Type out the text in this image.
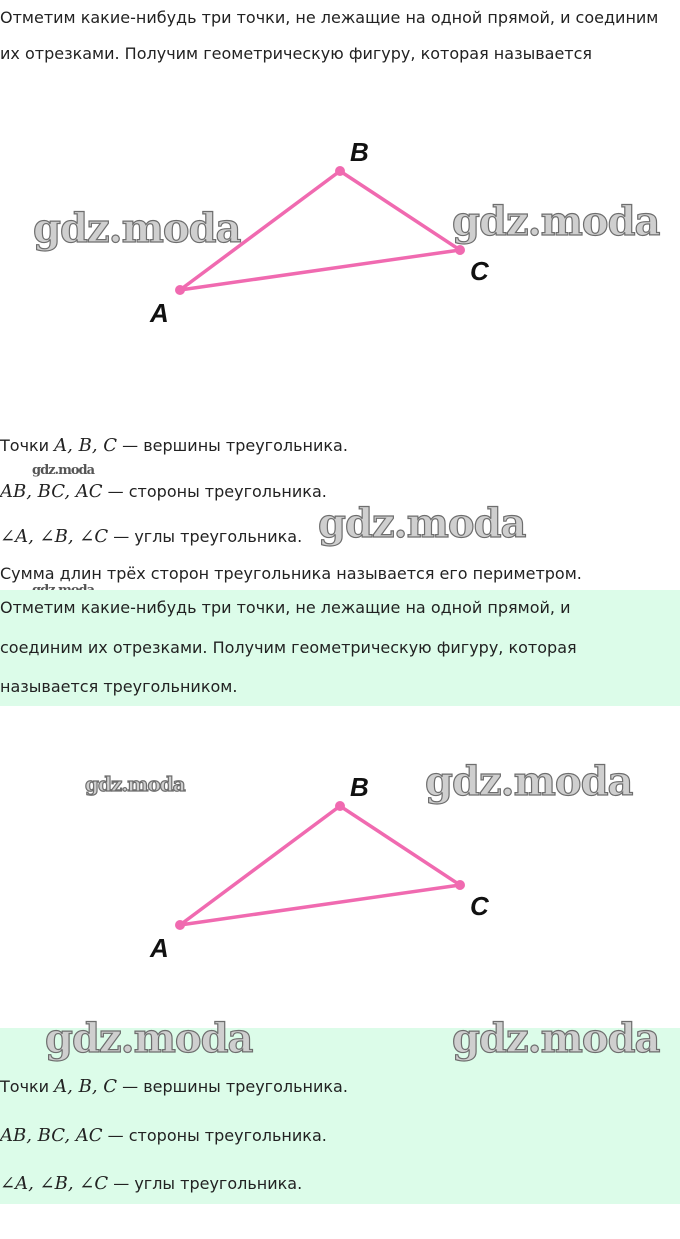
Отметим какие-нибудь три точки, не лежащие на одной прямой, и соединим

их отрезками. Получим геометрическую фигуру, которая называется

A
B
C
gdz.moda	gdz.moda

Точки A, B, C — вершины треугольника.

gdz.moda

AB, BC, AC — стороны треугольника.

∠A, ∠B, ∠C — углы треугольника. gdz.moda

Сумма длин трёх сторон треугольника называется его периметром.

Отметим какие-нибудь три точки, не лежащие на одной прямой, и

соединим их отрезками. Получим геометрическую фигуру, которая

называется треугольником.

A
B
C
gdz.moda	gdz.moda
gdz.moda	gdz.moda

Точки A, B, C — вершины треугольника.

AB, BC, AC — стороны треугольника.

∠A, ∠B, ∠C — углы треугольника.
